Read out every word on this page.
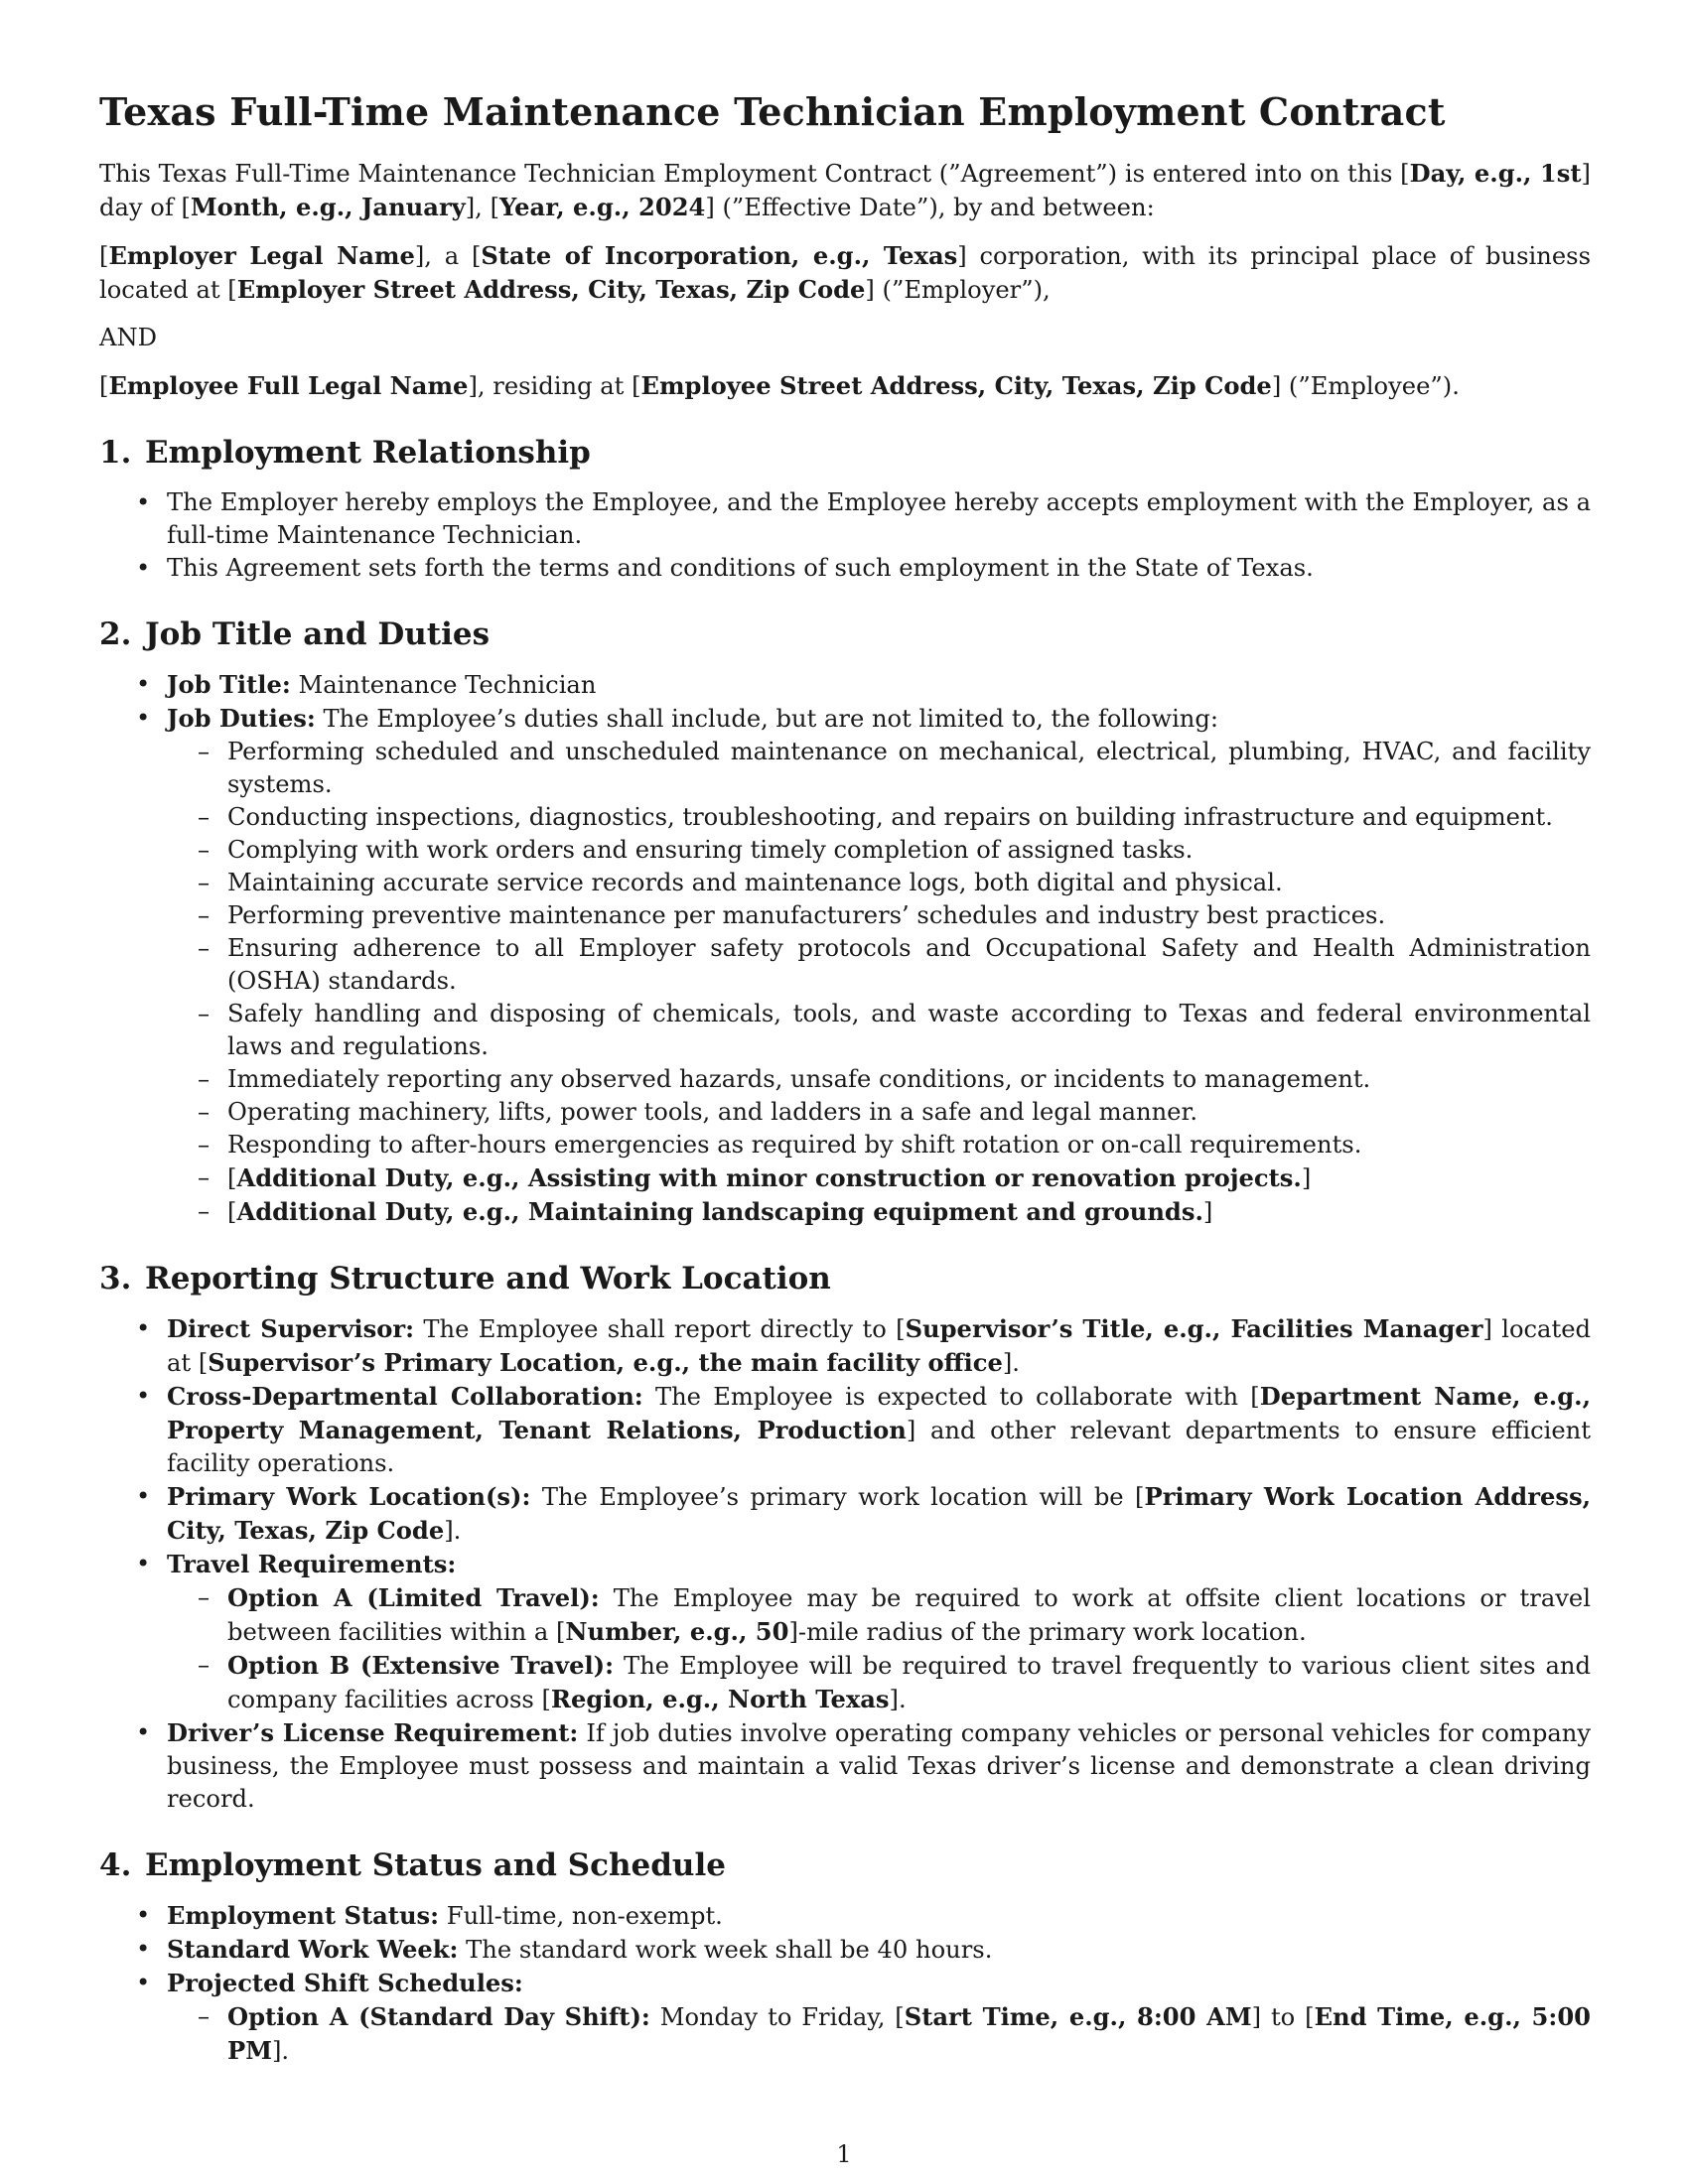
Texas Full-Time Maintenance Technician Employment Contract

This Texas Full-Time Maintenance Technician Employment Contract (”Agreement”) is entered into on this [Day, e.g., 1st] day of [Month, e.g., January], [Year, e.g., 2024] (”Effective Date”), by and between:

[Employer Legal Name], a [State of Incorporation, e.g., Texas] corporation, with its principal place of business located at [Employer Street Address, City, Texas, Zip Code] (”Employer”),

AND

[Employee Full Legal Name], residing at [Employee Street Address, City, Texas, Zip Code] (”Employee”).

1. Employment Relationship
• The Employer hereby employs the Employee, and the Employee hereby accepts employment with the Employer, as a full-time Maintenance Technician.
• This Agreement sets forth the terms and conditions of such employment in the State of Texas.
2. Job Title and Duties
• Job Title: Maintenance Technician
• Job Duties: The Employee’s duties shall include, but are not limited to, the following:
– Performing scheduled and unscheduled maintenance on mechanical, electrical, plumbing, HVAC, and facility systems.
– Conducting inspections, diagnostics, troubleshooting, and repairs on building infrastructure and equipment.
– Complying with work orders and ensuring timely completion of assigned tasks.
– Maintaining accurate service records and maintenance logs, both digital and physical.
– Performing preventive maintenance per manufacturers’ schedules and industry best practices.
– Ensuring adherence to all Employer safety protocols and Occupational Safety and Health Administration (OSHA) standards.
– Safely handling and disposing of chemicals, tools, and waste according to Texas and federal environmental laws and regulations.
– Immediately reporting any observed hazards, unsafe conditions, or incidents to management.
– Operating machinery, lifts, power tools, and ladders in a safe and legal manner.
– Responding to after-hours emergencies as required by shift rotation or on-call requirements.
– [Additional Duty, e.g., Assisting with minor construction or renovation projects.]
– [Additional Duty, e.g., Maintaining landscaping equipment and grounds.]
3. Reporting Structure and Work Location
• Direct Supervisor: The Employee shall report directly to [Supervisor’s Title, e.g., Facilities Manager] located at [Supervisor’s Primary Location, e.g., the main facility office].
• Cross-Departmental Collaboration: The Employee is expected to collaborate with [Department Name, e.g., Property Management, Tenant Relations, Production] and other relevant departments to ensure efficient facility operations.
• Primary Work Location(s): The Employee’s primary work location will be [Primary Work Location Address, City, Texas, Zip Code].
• Travel Requirements:
– Option A (Limited Travel): The Employee may be required to work at offsite client locations or travel between facilities within a [Number, e.g., 50]-mile radius of the primary work location.
– Option B (Extensive Travel): The Employee will be required to travel frequently to various client sites and company facilities across [Region, e.g., North Texas].
• Driver’s License Requirement: If job duties involve operating company vehicles or personal vehicles for company business, the Employee must possess and maintain a valid Texas driver’s license and demonstrate a clean driving record.
4. Employment Status and Schedule
• Employment Status: Full-time, non-exempt.
• Standard Work Week: The standard work week shall be 40 hours.
• Projected Shift Schedules:
– Option A (Standard Day Shift): Monday to Friday, [Start Time, e.g., 8:00 AM] to [End Time, e.g., 5:00 PM].
1
